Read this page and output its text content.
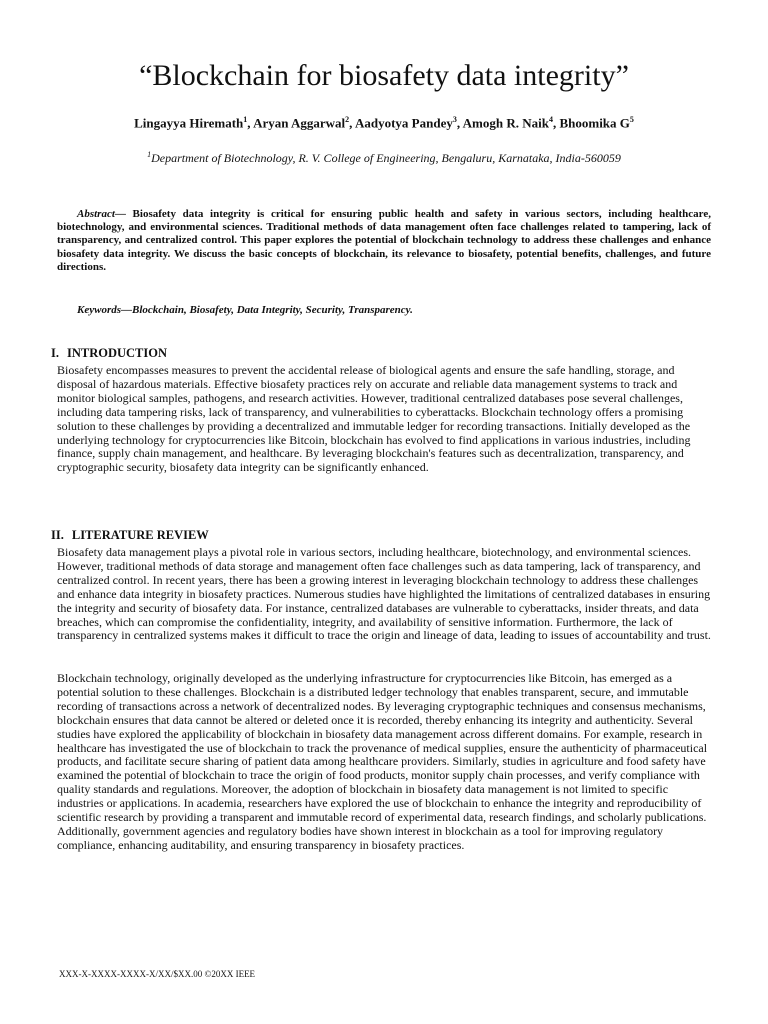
“Blockchain for biosafety data integrity”
Lingayya Hiremath$^1$, Aryan Aggarwal$^2$, Aadyotya Pandey$^3$, Amogh R. Naik$^4$, Bhoomika $G^5$
$^1$Department of Biotechnology, R. V. College of Engineering, Bengaluru, Karnataka, India-560059
Abstract— Biosafety data integrity is critical for ensuring public health and safety in various sectors, including healthcare, biotechnology, and environmental sciences. Traditional methods of data management often face challenges related to tampering, lack of transparency, and centralized control. This paper explores the potential of blockchain technology to address these challenges and enhance biosafety data integrity. We discuss the basic concepts of blockchain, its relevance to biosafety, potential benefits, challenges, and future directions.
Keywords—Blockchain, Biosafety, Data Integrity, Security, Transparency.
I. INTRODUCTION

Biosafety encompasses measures to prevent the accidental release of biological agents and ensure the safe handling, storage, and disposal of hazardous materials. Effective biosafety practices rely on accurate and reliable data management systems to track and monitor biological samples, pathogens, and research activities. However, traditional centralized databases pose several challenges, including data tampering risks, lack of transparency, and vulnerabilities to cyberattacks. Blockchain technology offers a promising solution to these challenges by providing a decentralized and immutable ledger for recording transactions. Initially developed as the underlying technology for cryptocurrencies like Bitcoin, blockchain has evolved to find applications in various industries, including finance, supply chain management, and healthcare. By leveraging blockchain's features such as decentralization, transparency, and cryptographic security, biosafety data integrity can be significantly enhanced.

II. LITERATURE REVIEW

Biosafety data management plays a pivotal role in various sectors, including healthcare, biotechnology, and environmental sciences. However, traditional methods of data storage and management often face challenges such as data tampering, lack of transparency, and centralized control. In recent years, there has been a growing interest in leveraging blockchain technology to address these challenges and enhance data integrity in biosafety practices. Numerous studies have highlighted the limitations of centralized databases in ensuring the integrity and security of biosafety data. For instance, centralized databases are vulnerable to cyberattacks, insider threats, and data breaches, which can compromise the confidentiality, integrity, and availability of sensitive information. Furthermore, the lack of transparency in centralized systems makes it difficult to trace the origin and lineage of data, leading to issues of accountability and trust.

Blockchain technology, originally developed as the underlying infrastructure for cryptocurrencies like Bitcoin, has emerged as a potential solution to these challenges. Blockchain is a distributed ledger technology that enables transparent, secure, and immutable recording of transactions across a network of decentralized nodes. By leveraging cryptographic techniques and consensus mechanisms, blockchain ensures that data cannot be altered or deleted once it is recorded, thereby enhancing its integrity and authenticity. Several studies have explored the applicability of blockchain in biosafety data management across different domains. For example, research in healthcare has investigated the use of blockchain to track the provenance of medical supplies, ensure the authenticity of pharmaceutical products, and facilitate secure sharing of patient data among healthcare providers. Similarly, studies in agriculture and food safety have examined the potential of blockchain to trace the origin of food products, monitor supply chain processes, and verify compliance with quality standards and regulations. Moreover, the adoption of blockchain in biosafety data management is not limited to specific industries or applications. In academia, researchers have explored the use of blockchain to enhance the integrity and reproducibility of scientific research by providing a transparent and immutable record of experimental data, research findings, and scholarly publications. Additionally, government agencies and regulatory bodies have shown interest in blockchain as a tool for improving regulatory compliance, enhancing auditability, and ensuring transparency in biosafety practices.

XXX-X-XXXX-XXXX-X/XX/$XX.00 ©20XX IEEE
